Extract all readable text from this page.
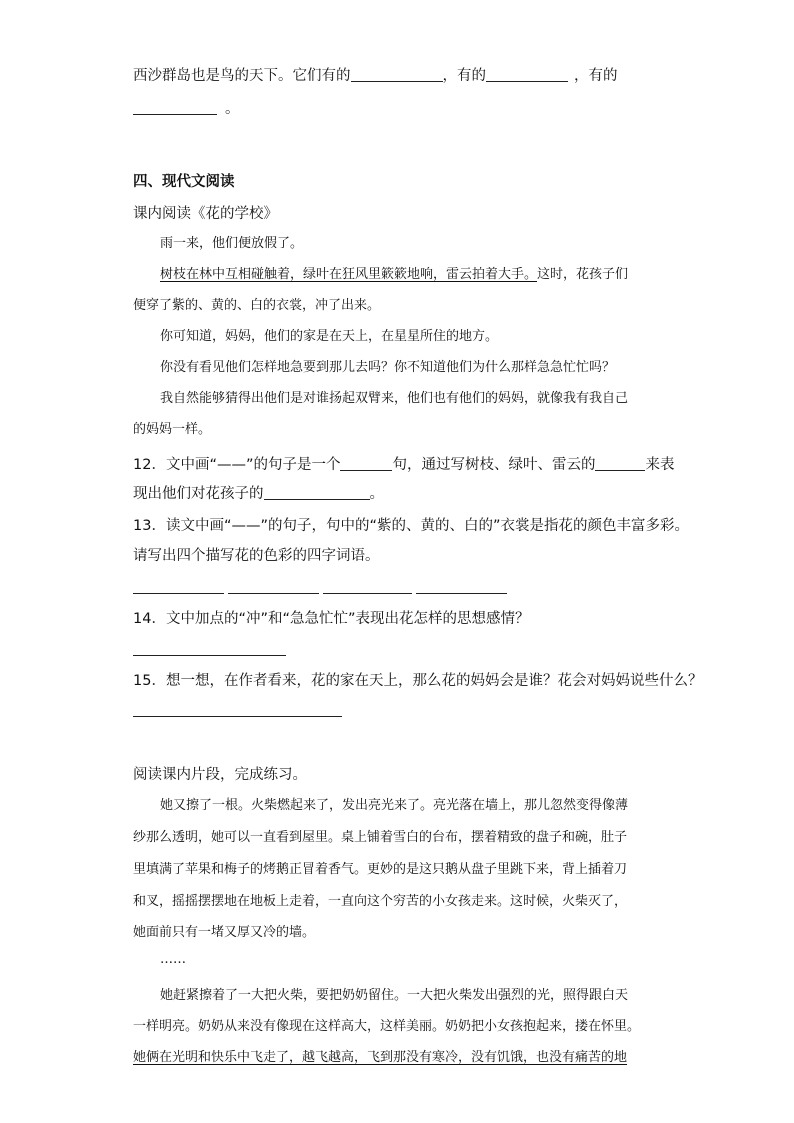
西沙群岛也是鸟的天下。它们有的	，有的	，有的
。
四、现代文阅读
课内阅读《花的学校》
雨一来，他们便放假了。
树枝在林中互相碰触着，绿叶在狂风里簌簌地响，雷云拍着大手。这时，花孩子们
便穿了紫的、黄的、白的衣裳，冲了出来。
你可知道，妈妈，他们的家是在天上，在星星所住的地方。
你没有看见他们怎样地急要到那儿去吗？你不知道他们为什么那样急急忙忙吗？
我自然能够猜得出他们是对谁扬起双臂来，他们也有他们的妈妈，就像我有我自己
的妈妈一样。
12．文中画“——”的句子是一个	句，通过写树枝、绿叶、雷云的	来表
现出他们对花孩子的	。
13．读文中画“——”的句子，句中的“紫的、黄的、白的”衣裳是指花的颜色丰富多彩。
请写出四个描写花的色彩的四字词语。
14．文中加点的“冲”和“急急忙忙”表现出花怎样的思想感情？
15．想一想，在作者看来，花的家在天上，那么花的妈妈会是谁？花会对妈妈说些什么？
阅读课内片段，完成练习。
她又擦了一根。火柴燃起来了，发出亮光来了。亮光落在墙上，那儿忽然变得像薄
纱那么透明，她可以一直看到屋里。桌上铺着雪白的台布，摆着精致的盘子和碗，肚子
里填满了苹果和梅子的烤鹅正冒着香气。更妙的是这只鹅从盘子里跳下来，背上插着刀
和叉，摇摇摆摆地在地板上走着，一直向这个穷苦的小女孩走来。这时候，火柴灭了，
她面前只有一堵又厚又冷的墙。
……
她赶紧擦着了一大把火柴，要把奶奶留住。一大把火柴发出强烈的光，照得跟白天
一样明亮。奶奶从来没有像现在这样高大，这样美丽。奶奶把小女孩抱起来，搂在怀里。
她俩在光明和快乐中飞走了，越飞越高，飞到那没有寒冷，没有饥饿，也没有痛苦的地
